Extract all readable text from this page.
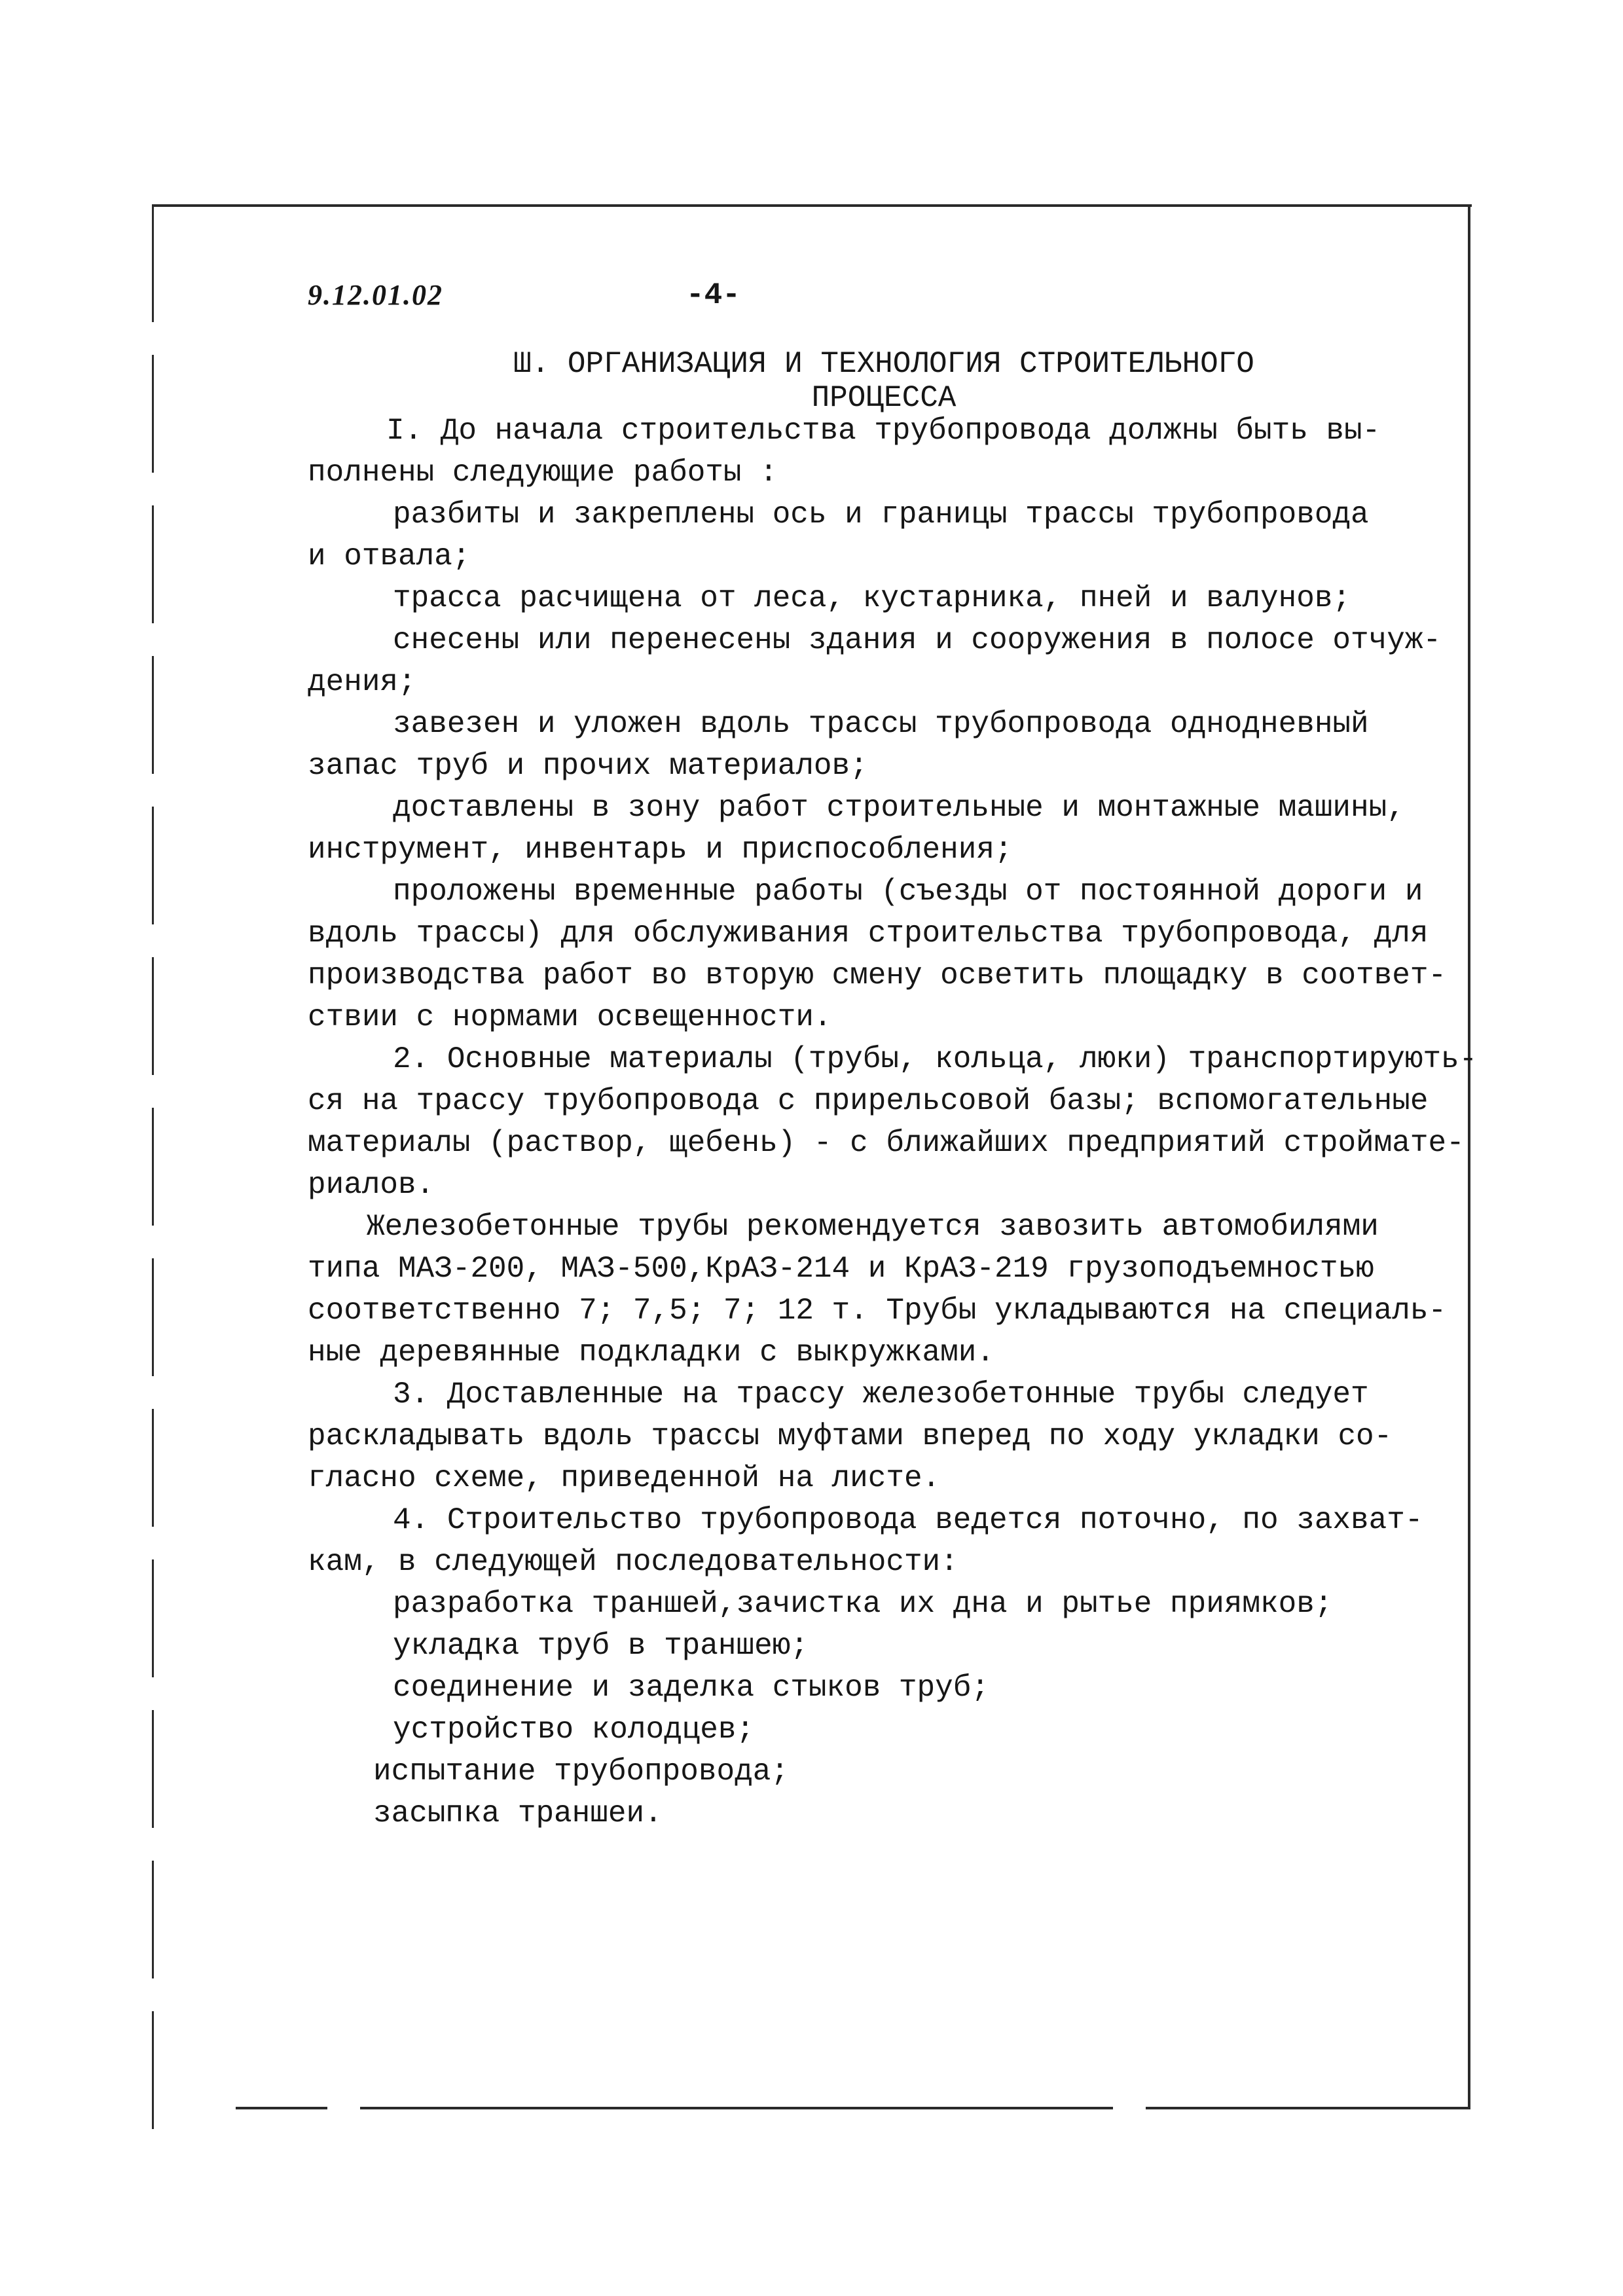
9.12.01.02	-4-
Ш. ОРГАНИЗАЦИЯ И ТЕХНОЛОГИЯ СТРОИТЕЛЬНОГО
ПРОЦЕССА
I. До начала строительства трубопровода должны быть вы-
полнены следующие работы :
разбиты и закреплены ось и границы трассы трубопровода
и отвала;
трасса расчищена от леса, кустарника, пней и валунов;
снесены или перенесены здания и сооружения в полосе отчуж-
дения;
завезен и уложен вдоль трассы трубопровода однодневный
запас труб и прочих материалов;
доставлены в зону работ строительные и монтажные машины,
инструмент, инвентарь и приспособления;
проложены временные работы (съезды от постоянной дороги и
вдоль трассы) для обслуживания строительства трубопровода, для
производства работ во вторую смену осветить площадку в соответ-
ствии с нормами освещенности.
2. Основные материалы (трубы, кольца, люки) транспортирують-
ся на трассу трубопровода с прирельсовой базы; вспомогательные
материалы (раствор, щебень) - с ближайших предприятий строймате-
риалов.
Железобетонные трубы рекомендуется завозить автомобилями
типа МАЗ-200, МАЗ-500,КрАЗ-214 и КрАЗ-219 грузоподъемностью
соответственно 7; 7,5; 7; 12 т. Трубы укладываются на специаль-
ные деревянные подкладки с выкружками.
3. Доставленные на трассу железобетонные трубы следует
раскладывать вдоль трассы муфтами вперед по ходу укладки со-
гласно схеме, приведенной на листе.
4. Строительство трубопровода ведется поточно, по захват-
кам, в следующей последовательности:
разработка траншей,зачистка их дна и рытье приямков;
укладка труб в траншею;
соединение и заделка стыков труб;
устройство колодцев;
испытание трубопровода;
засыпка траншеи.
